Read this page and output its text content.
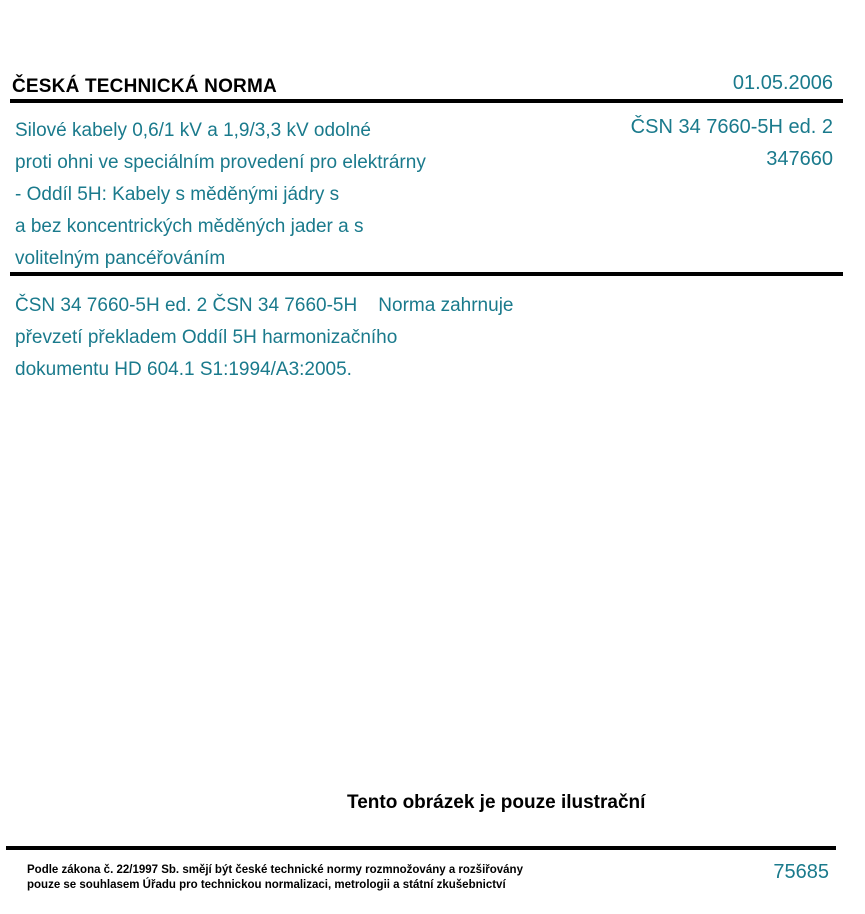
ČESKÁ TECHNICKÁ NORMA	01.05.2006
Silové kabely 0,6/1 kV a 1,9/3,3 kV odolné
proti ohni ve speciálním provedení pro elektrárny
- Oddíl 5H: Kabely s měděnými jádry s
a bez koncentrických měděných jader a s
volitelným pancéřováním
ČSN 34 7660-5H ed. 2
347660
ČSN 34 7660-5H ed. 2 ČSN 34 7660-5H    Norma zahrnuje
převzetí překladem Oddíl 5H harmonizačního
dokumentu HD 604.1 S1:1994/A3:2005.
Tento obrázek je pouze ilustrační
Podle zákona č. 22/1997 Sb. smějí být české technické normy rozmnožovány a rozšiřovány
pouze se souhlasem Úřadu pro technickou normalizaci, metrologii a státní zkušebnictví
75685
